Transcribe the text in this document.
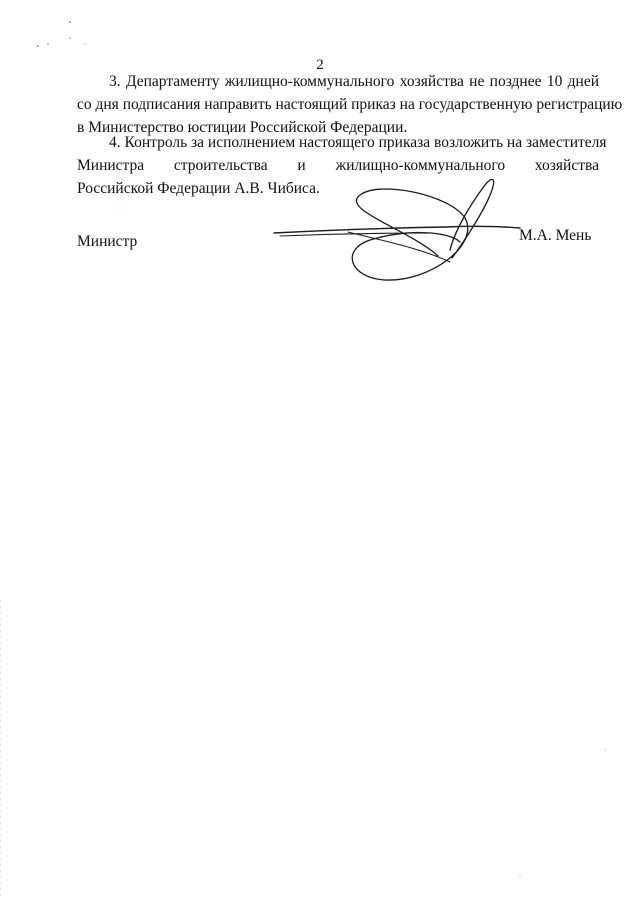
2
3. Департаменту жилищно-коммунального хозяйства не позднее 10 дней
со дня подписания направить настоящий приказ на государственную регистрацию
в Министерство юстиции Российской Федерации.
4. Контроль за исполнением настоящего приказа возложить на заместителя
Министра строительства и жилищно-коммунального хозяйства
Российской Федерации А.В. Чибиса.
Министр	М.А. Мень
